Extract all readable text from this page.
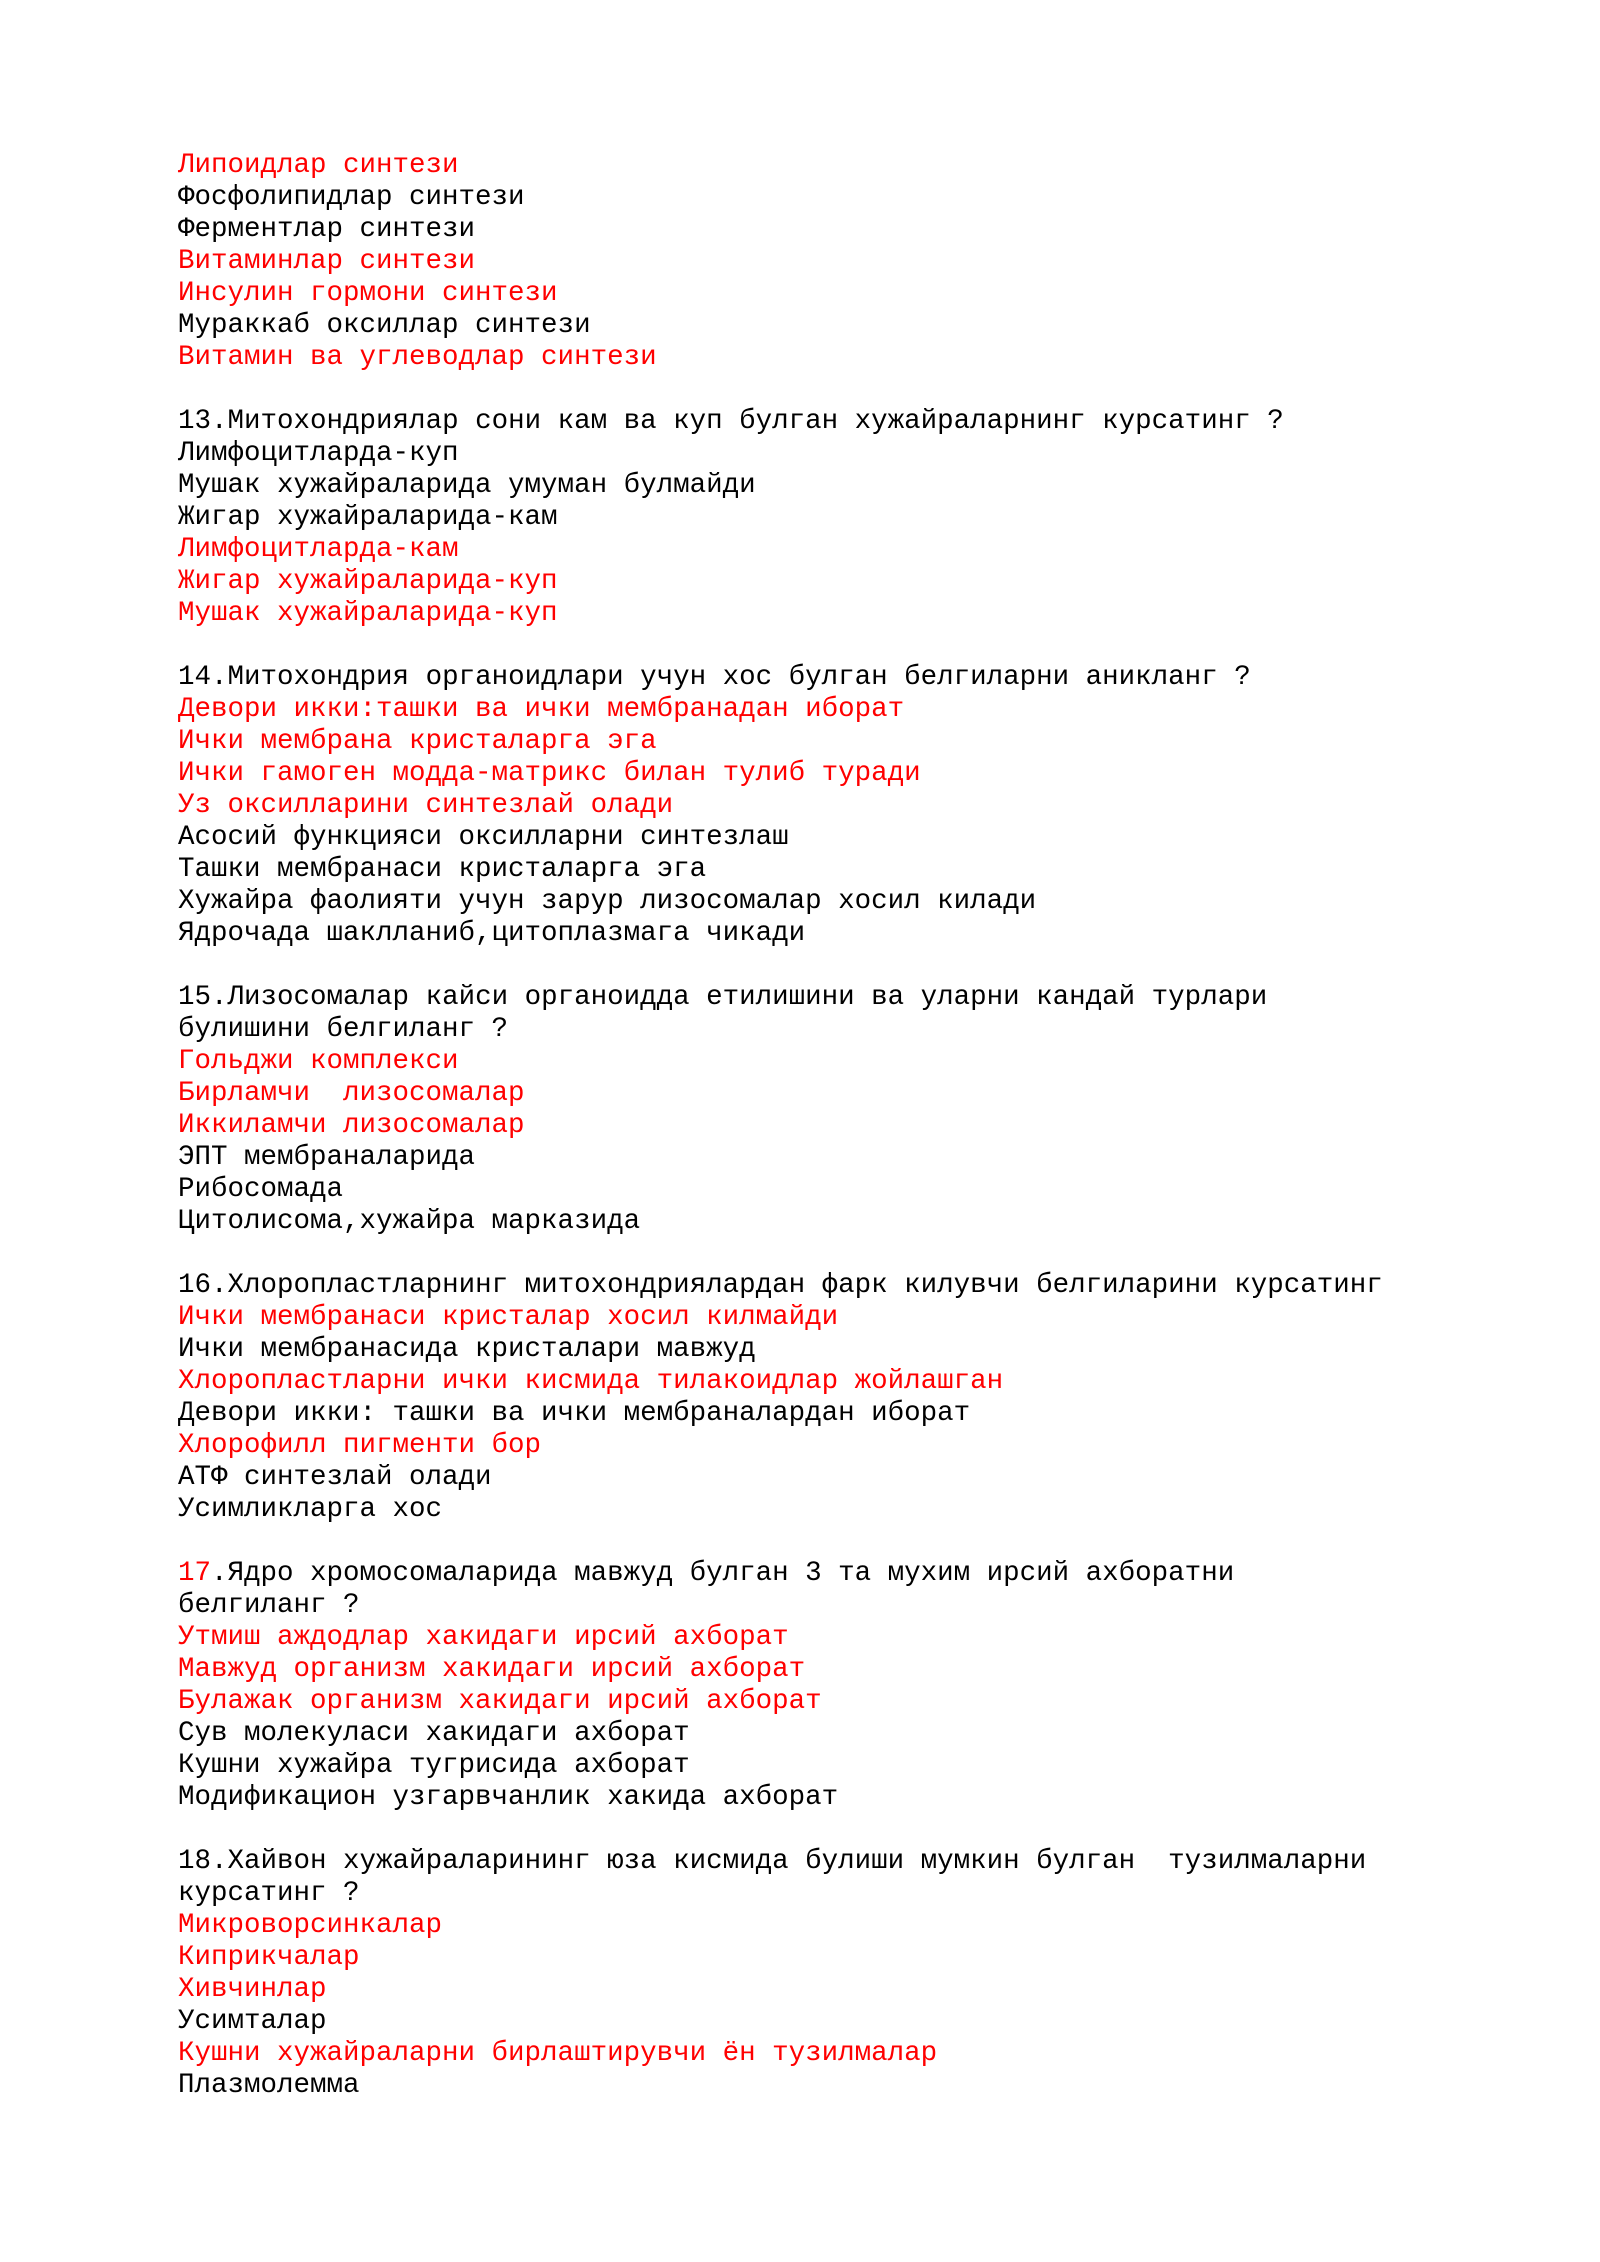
Липоидлар синтези
Фосфолипидлар синтези
Ферментлар синтези
Витаминлар синтези
Инсулин гормони синтези
Мураккаб оксиллар синтези
Витамин ва углеводлар синтези
13.Митохондриялар сони кам ва куп булган хужайраларнинг курсатинг ?
Лимфоцитларда-куп
Мушак хужайраларида умуман булмайди
Жигар хужайраларида-кам
Лимфоцитларда-кам
Жигар хужайраларида-куп
Мушак хужайраларида-куп
14.Митохондрия органоидлари учун хос булган белгиларни аникланг ?
Девори икки:ташки ва ички мембранадан иборат
Ички мембрана кристаларга эга
Ички гамоген модда-матрикс билан тулиб туради
Уз оксилларини синтезлай олади
Асосий функцияси оксилларни синтезлаш
Ташки мембранаси кристаларга эга
Хужайра фаолияти учун зарур лизосомалар хосил килади
Ядрочада шаклланиб,цитоплазмага чикади
15.Лизосомалар кайси органоидда етилишини ва уларни кандай турлари
булишини белгиланг ?
Гольджи комплекси
Бирламчи  лизосомалар
Иккиламчи лизосомалар
ЭПТ мембраналарида
Рибосомада
Цитолисома,хужайра марказида
16.Хлоропластларнинг митохондриялардан фарк килувчи белгиларини курсатинг
Ички мембранаси кристалар хосил килмайди
Ички мембранасида кристалари мавжуд
Хлоропластларни ички кисмида тилакоидлар жойлашган
Девори икки: ташки ва ички мембраналардан иборат
Хлорофилл пигменти бор
АТФ синтезлай олади
Усимликларга хос
17.Ядро хромосомаларида мавжуд булган 3 та мухим ирсий ахборатни
белгиланг ?
Утмиш аждодлар хакидаги ирсий ахборат
Мавжуд организм хакидаги ирсий ахборат
Булажак организм хакидаги ирсий ахборат
Сув молекуласи хакидаги ахборат
Кушни хужайра тугрисида ахборат
Модификацион узгарвчанлик хакида ахборат
18.Хайвон хужайраларининг юза кисмида булиши мумкин булган  тузилмаларни
курсатинг ?
Микроворсинкалар
Киприкчалар
Хивчинлар
Усимталар
Кушни хужайраларни бирлаштирувчи ён тузилмалар
Плазмолемма
